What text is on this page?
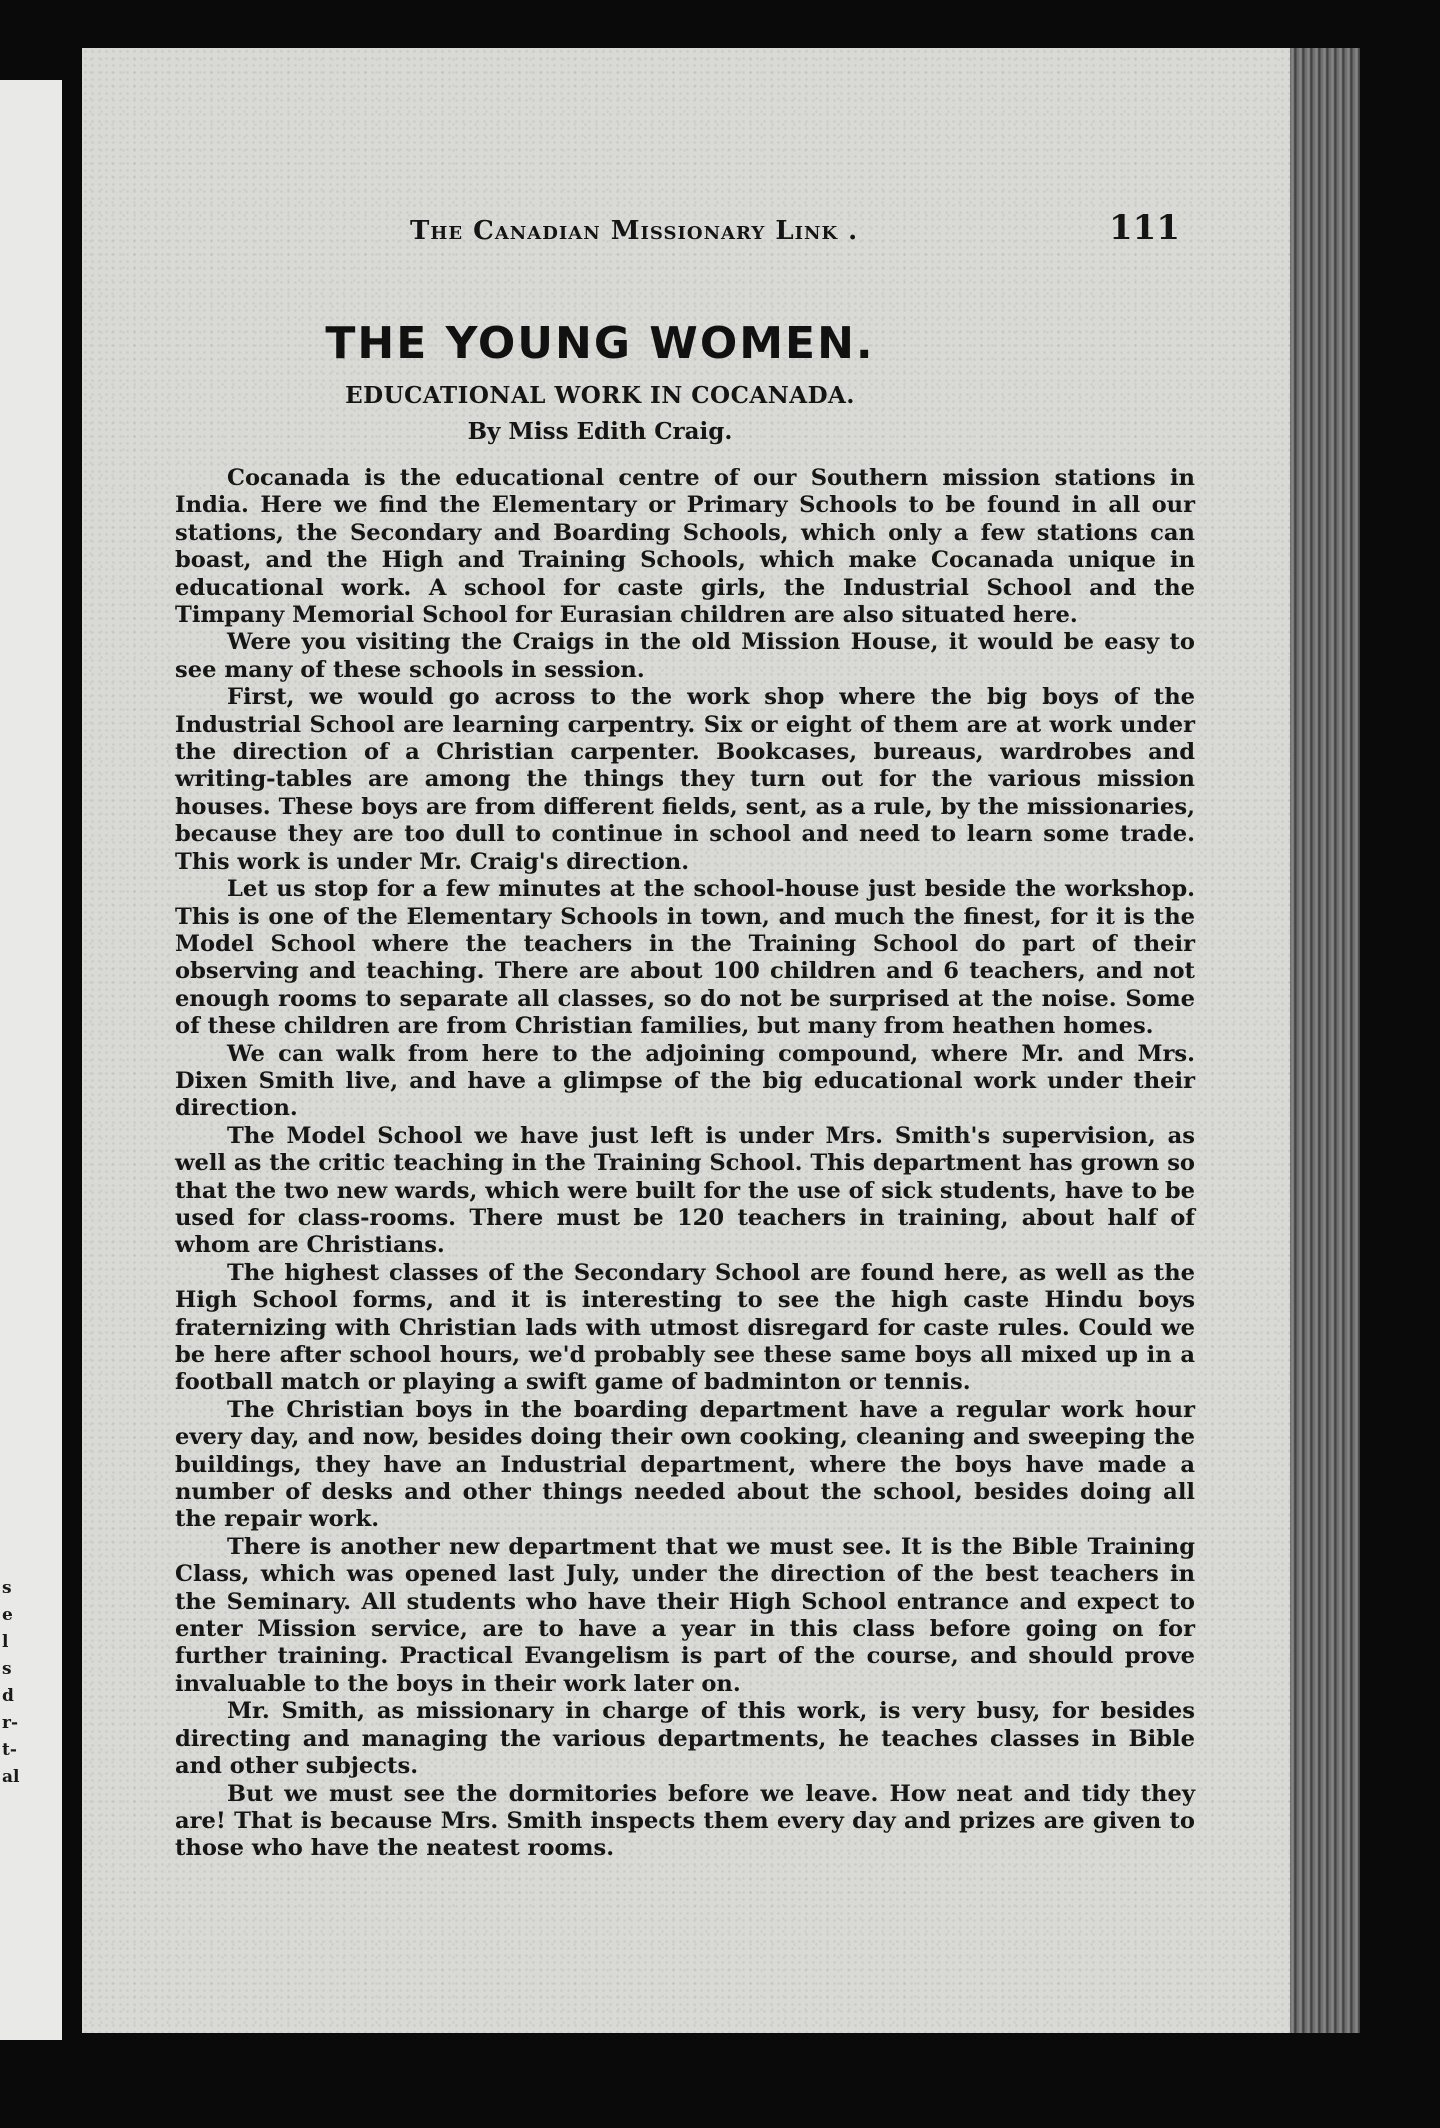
s
e
l
s
d
r-
t-
al
The Canadian Missionary Link .	111
THE YOUNG WOMEN.
EDUCATIONAL WORK IN COCANADA.
By Miss Edith Craig.

Cocanada is the educational centre of our Southern mission stations in India. Here we find the Elementary or Primary Schools to be found in all our stations, the Secondary and Boarding Schools, which only a few stations can boast, and the High and Training Schools, which make Cocanada unique in educational work. A school for caste girls, the Industrial School and the Timpany Memorial School for Eurasian children are also situated here.

Were you visiting the Craigs in the old Mission House, it would be easy to see many of these schools in session.

First, we would go across to the work shop where the big boys of the Industrial School are learning carpentry. Six or eight of them are at work under the direction of a Christian carpenter. Bookcases, bureaus, wardrobes and writing-tables are among the things they turn out for the various mission houses. These boys are from different fields, sent, as a rule, by the missionaries, because they are too dull to continue in school and need to learn some trade. This work is under Mr. Craig's direction.

Let us stop for a few minutes at the school-house just beside the workshop. This is one of the Elementary Schools in town, and much the finest, for it is the Model School where the teachers in the Training School do part of their observing and teaching. There are about 100 children and 6 teachers, and not enough rooms to separate all classes, so do not be surprised at the noise. Some of these children are from Christian families, but many from heathen homes.

We can walk from here to the adjoining compound, where Mr. and Mrs. Dixen Smith live, and have a glimpse of the big educational work under their direction.

The Model School we have just left is under Mrs. Smith's supervision, as well as the critic teaching in the Training School. This department has grown so that the two new wards, which were built for the use of sick students, have to be used for class-rooms. There must be 120 teachers in training, about half of whom are Christians.

The highest classes of the Secondary School are found here, as well as the High School forms, and it is interesting to see the high caste Hindu boys fraternizing with Christian lads with utmost disregard for caste rules. Could we be here after school hours, we'd probably see these same boys all mixed up in a football match or playing a swift game of badminton or tennis.

The Christian boys in the boarding department have a regular work hour every day, and now, besides doing their own cooking, cleaning and sweeping the buildings, they have an Industrial department, where the boys have made a number of desks and other things needed about the school, besides doing all the repair work.

There is another new department that we must see. It is the Bible Training Class, which was opened last July, under the direction of the best teachers in the Seminary. All students who have their High School entrance and expect to enter Mission service, are to have a year in this class before going on for further training. Practical Evangelism is part of the course, and should prove invaluable to the boys in their work later on.

Mr. Smith, as missionary in charge of this work, is very busy, for besides directing and managing the various departments, he teaches classes in Bible and other subjects.

But we must see the dormitories before we leave. How neat and tidy they are! That is because Mrs. Smith inspects them every day and prizes are given to those who have the neatest rooms.
